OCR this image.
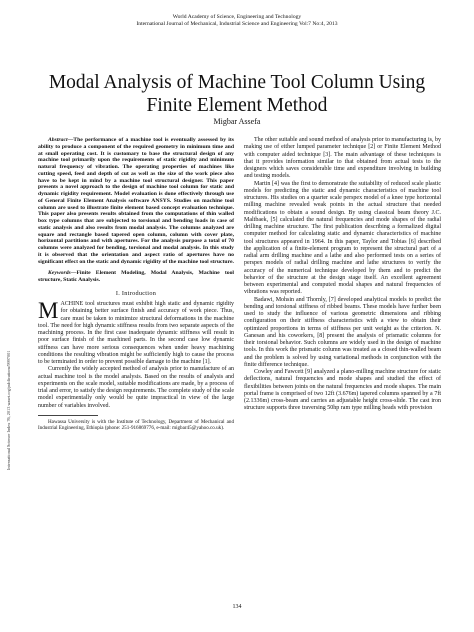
World Academy of Science, Engineering and Technology
International Journal of Mechanical, Industrial Science and Engineering Vol:7 No:4, 2013
Modal Analysis of Machine Tool Column Using
Finite Element Method
Migbar Assefa
International Science Index 76, 2013 waset.org/publications/9997001

Abstract—The performance of a machine tool is eventually assessed by its ability to produce a component of the required geometry in minimum time and at small operating cost. It is customary to base the structural design of any machine tool primarily upon the requirements of static rigidity and minimum natural frequency of vibration. The operating properties of machines like cutting speed, feed and depth of cut as well as the size of the work piece also have to be kept in mind by a machine tool structural designer. This paper presents a novel approach to the design of machine tool column for static and dynamic rigidity requirement. Model evaluation is done effectively through use of General Finite Element Analysis software ANSYS. Studies on machine tool column are used to illustrate finite element based concept evaluation technique. This paper also presents results obtained from the computations of thin walled box type columns that are subjected to torsional and bending loads in case of static analysis and also results from modal analysis. The columns analyzed are square and rectangle based tapered open column, column with cover plate, horizontal partitions and with apertures. For the analysis purpose a total of 70 columns were analyzed for bending, torsional and modal analysis. In this study it is observed that the orientation and aspect ratio of apertures have no significant effect on the static and dynamic rigidity of the machine tool structure.

Keywords—Finite Element Modeling, Modal Analysis, Machine tool structure, Static Analysis.

I. Introduction

MACHINE tool structures must exhibit high static and dynamic rigidity for obtaining better surface finish and accuracy of work piece. Thus, care must be taken to minimize structural deformations in the machine tool. The need for high dynamic stiffness results from two separate aspects of the machining process. In the first case inadequate dynamic stiffness will result in poor surface finish of the machined parts. In the second case low dynamic stiffness can have more serious consequences when under heavy machining conditions the resulting vibration might be sufficiently high to cause the process to be terminated in order to prevent possible damage to the machine [1].

Currently the widely accepted method of analysis prior to manufacture of an actual machine tool is the model analysis. Based on the results of analysis and experiments on the scale model, suitable modifications are made, by a process of trial and error, to satisfy the design requirements. The complete study of the scale model experimentally only would be quite impractical in view of the large number of variables involved.

Hawassa University is with the Institute of Technology, Department of Mechanical and Industrial Engineering, Ethiopia (phone: 251-916869776, e-mail: migbar45@yahoo.co.uk).

The other suitable and sound method of analysis prior to manufacturing is, by making use of either lumped parameter technique [2] or Finite Element Method with computer aided technique [3]. The main advantage of these techniques is that it provides information similar to that obtained from actual tests to the designers which saves considerable time and expenditure involving in building and testing models.

Martin [4] was the first to demonstrate the suitability of reduced scale plastic models for predicting the static and dynamic characteristics of machine tool structures. His studies on a quarter scale perspex model of a knee type horizontal milling machine revealed weak points in the actual structure that needed modifications to obtain a sound design. By using classical beam theory J.C. Maltbaek, [5] calculated the natural frequencies and mode shapes of the radial drilling machine structure. The first publication describing a formalized digital computer method for calculating static and dynamic characteristics of machine tool structures appeared in 1964. In this paper, Taylor and Tobias [6] described the application of a finite-element program to represent the structural part of a radial arm drilling machine and a lathe and also performed tests on a series of perspex models of radial drilling machine and lathe structures to verify the accuracy of the numerical technique developed by them and to predict the behavior of the structure at the design stage itself. An excellent agreement between experimental and computed modal shapes and natural frequencies of vibrations was reported.

Badawi, Mohsin and Thornly, [7] developed analytical models to predict the bending and torsional stiffness of ribbed beams. These models have further been used to study the influence of various geometric dimensions and ribbing configuration on their stiffness characteristics with a view to obtain their optimized proportions in terms of stiffness per unit weight as the criterion. N. Ganesan and his coworkers, [8] present the analysis of prismatic columns for their torsional behavior. Such columns are widely used in the design of machine tools. In this work the prismatic column was treated as a closed thin-walled beam and the problem is solved by using variational methods in conjunction with the finite difference technique.

Cowley and Fawcett [9] analyzed a plano-milling machine structure for static deflections, natural frequencies and mode shapes and studied the effect of flexibilities between joints on the natural frequencies and mode shapes. The main portal frame is comprised of two 12ft (3.676m) tapered columns spanned by a 7ft (2.1336m) cross-beam and carries an adjustable height cross-slide. The cast iron structure supports three traversing 50hp ram type milling heads with provision

134
